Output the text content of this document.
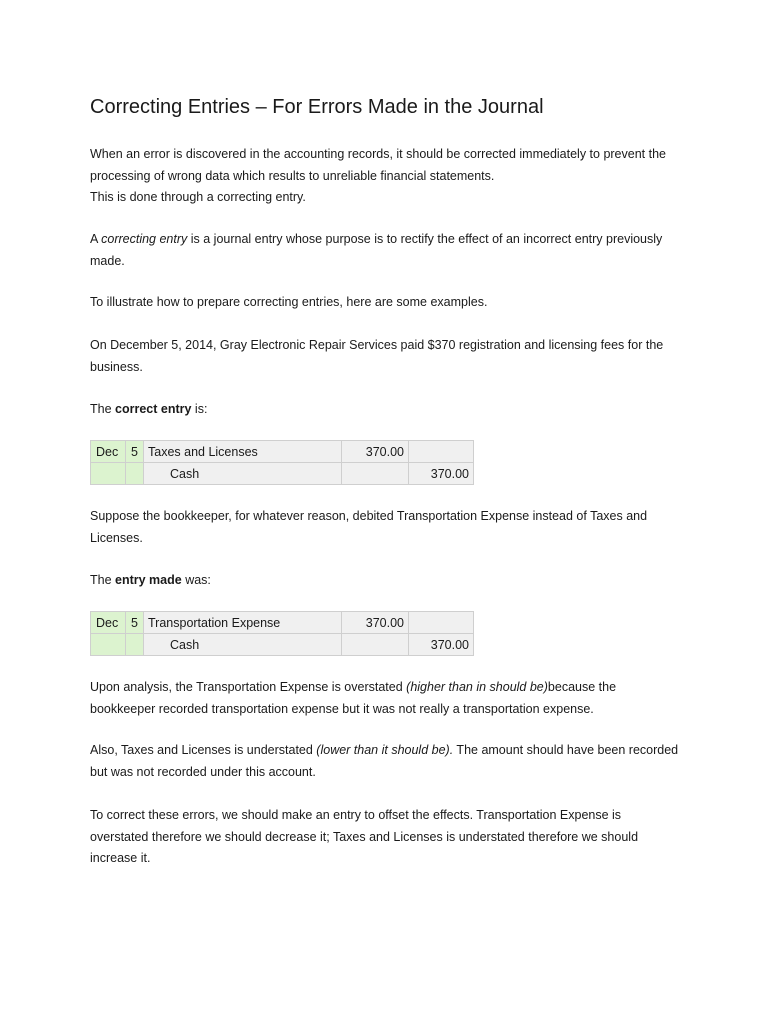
Correcting Entries – For Errors Made in the Journal

When an error is discovered in the accounting records, it should be corrected immediately to prevent the processing of wrong data which results to unreliable financial statements.
This is done through a correcting entry.

A correcting entry is a journal entry whose purpose is to rectify the effect of an incorrect entry previously made.

To illustrate how to prepare correcting entries, here are some examples.

On December 5, 2014, Gray Electronic Repair Services paid $370 registration and licensing fees for the business.

The correct entry is:

Dec	5	Taxes and Licenses	370.00	
		Cash		370.00

Suppose the bookkeeper, for whatever reason, debited Transportation Expense instead of Taxes and Licenses.

The entry made was:

Dec	5	Transportation Expense	370.00	
		Cash		370.00

Upon analysis, the Transportation Expense is overstated (higher than in should be)because the bookkeeper recorded transportation expense but it was not really a transportation expense.

Also, Taxes and Licenses is understated (lower than it should be). The amount should have been recorded but was not recorded under this account.

To correct these errors, we should make an entry to offset the effects. Transportation Expense is overstated therefore we should decrease it; Taxes and Licenses is understated therefore we should increase it.
